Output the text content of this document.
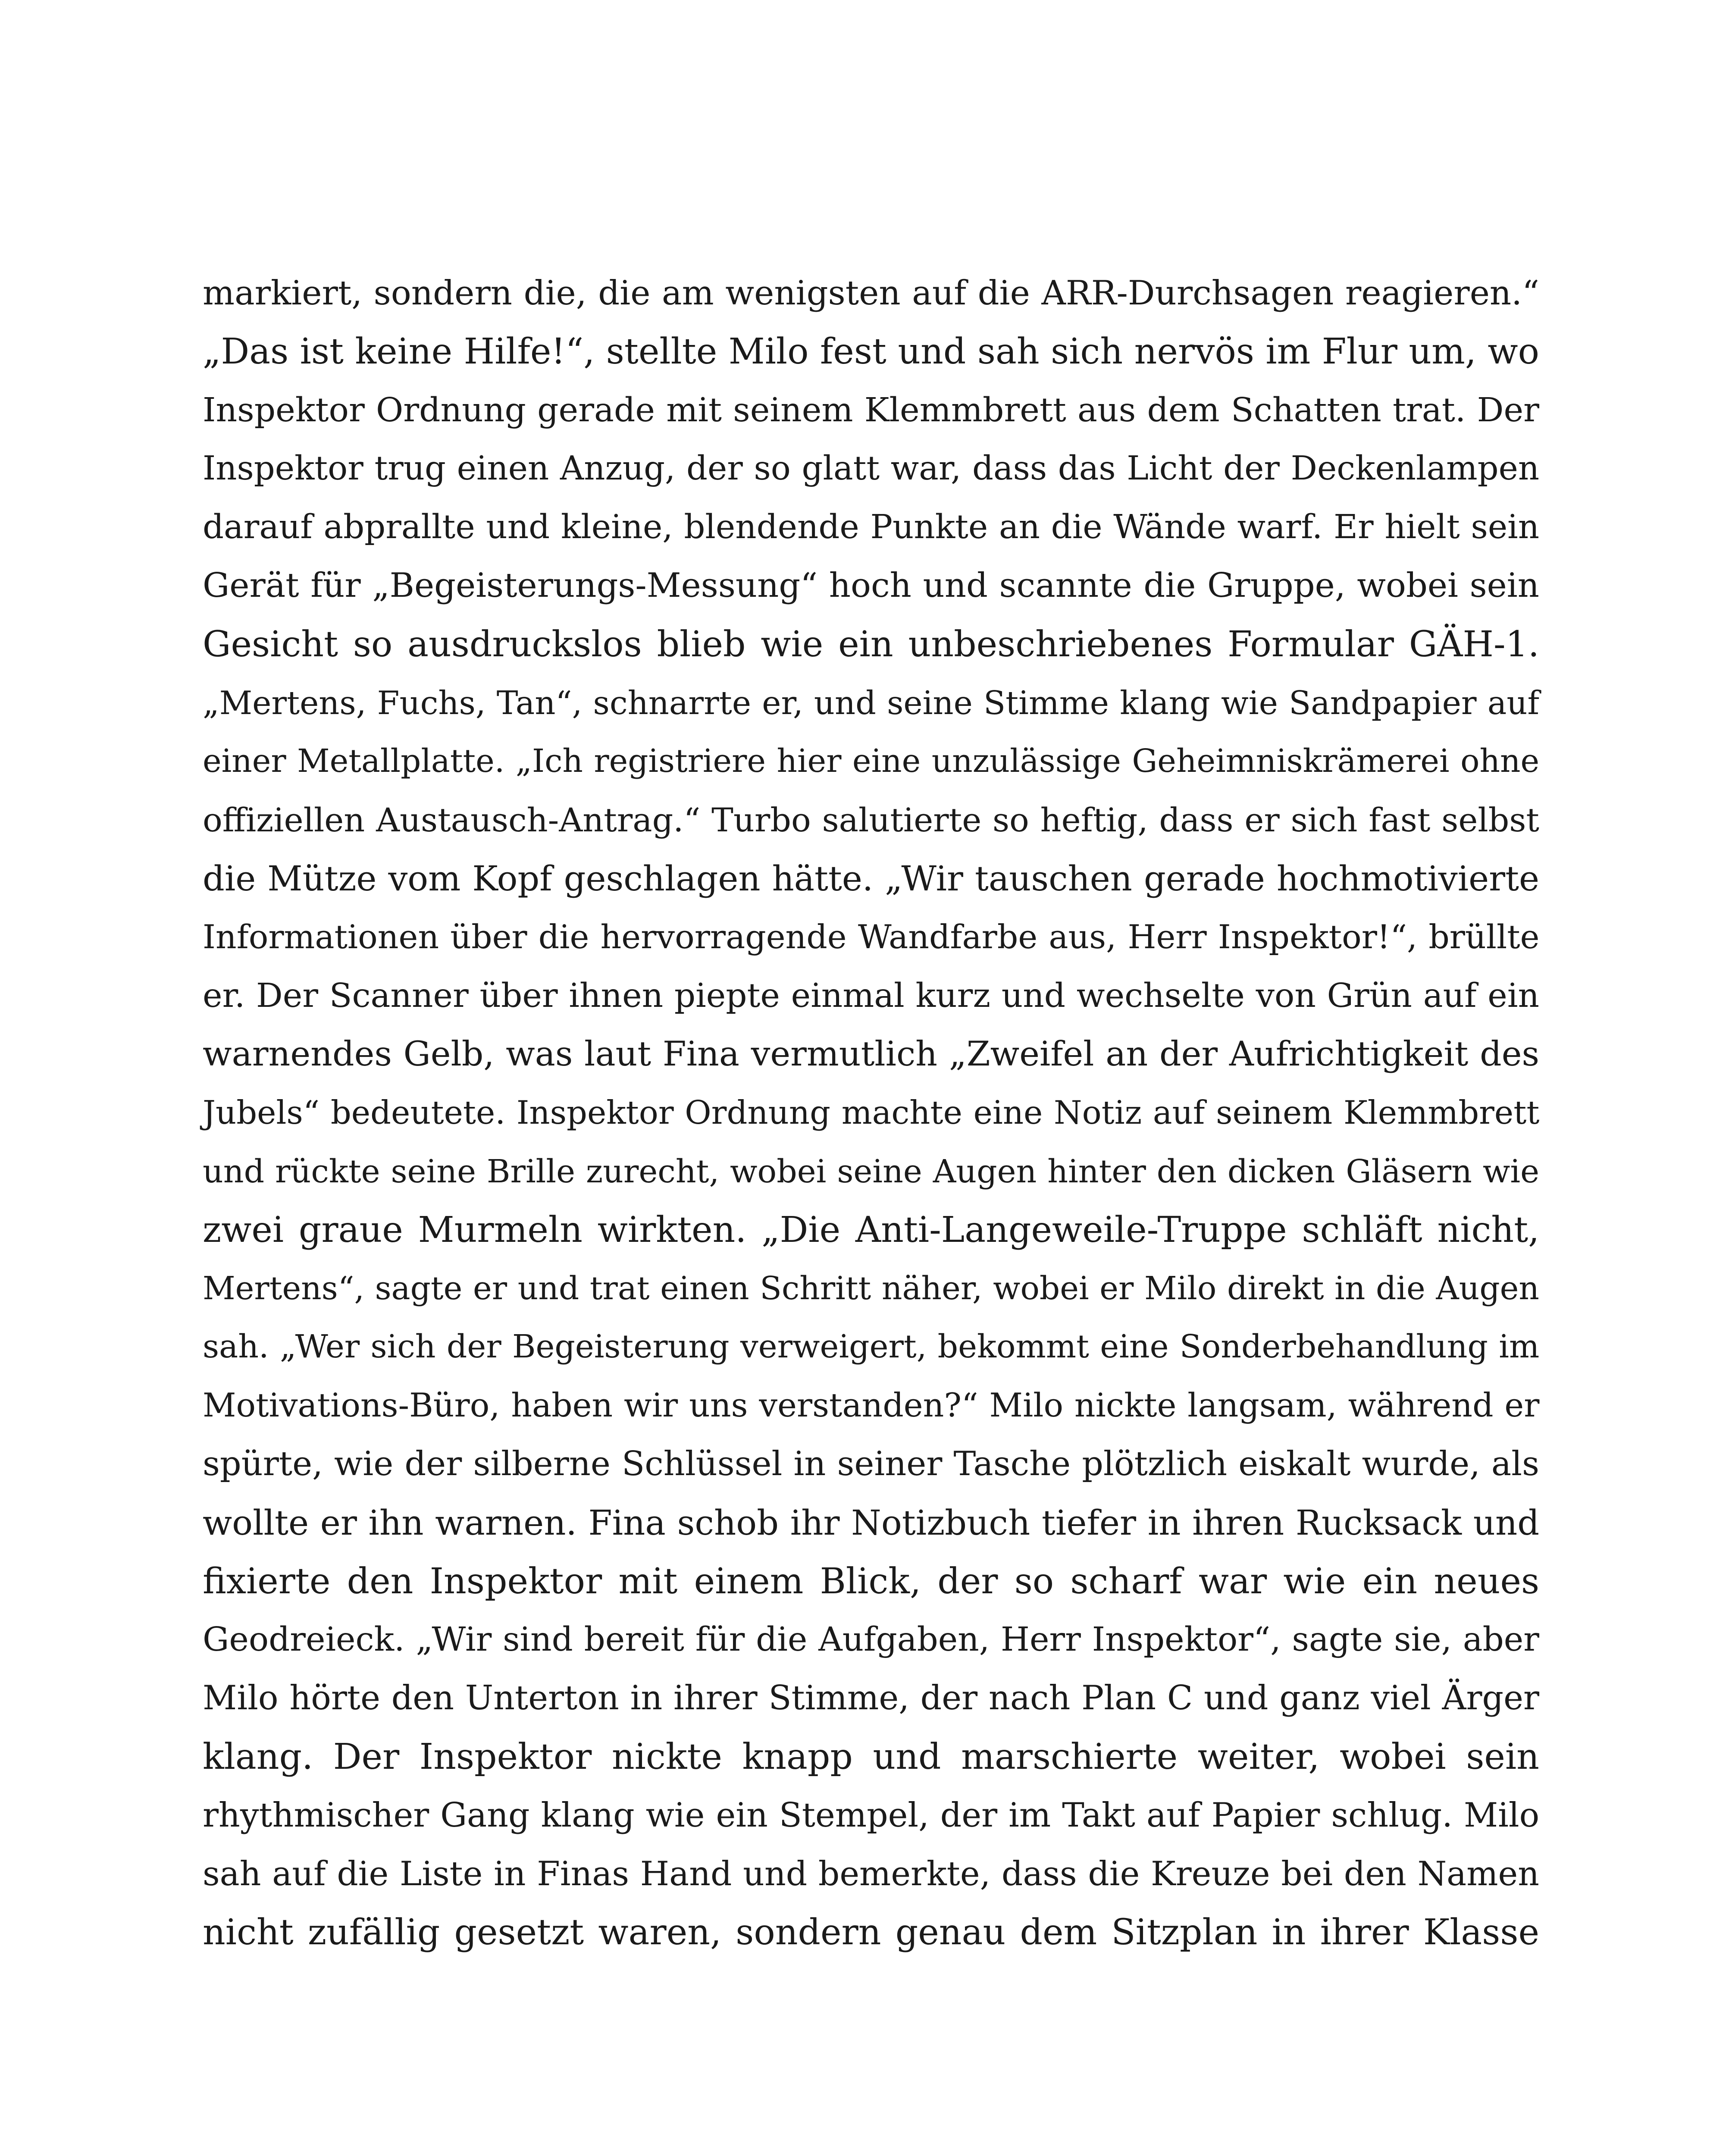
markiert, sondern die, die am wenigsten auf die ARR-Durchsagen reagieren.“
„Das ist keine Hilfe!“, stellte Milo fest und sah sich nervös im Flur um, wo
Inspektor Ordnung gerade mit seinem Klemmbrett aus dem Schatten trat. Der
Inspektor trug einen Anzug, der so glatt war, dass das Licht der Deckenlampen
darauf abprallte und kleine, blendende Punkte an die Wände warf. Er hielt sein
Gerät für „Begeisterungs-Messung“ hoch und scannte die Gruppe, wobei sein
Gesicht so ausdruckslos blieb wie ein unbeschriebenes Formular GÄH-1.
„Mertens, Fuchs, Tan“, schnarrte er, und seine Stimme klang wie Sandpapier auf
einer Metallplatte. „Ich registriere hier eine unzulässige Geheimniskrämerei ohne
offiziellen Austausch-Antrag.“ Turbo salutierte so heftig, dass er sich fast selbst
die Mütze vom Kopf geschlagen hätte. „Wir tauschen gerade hochmotivierte
Informationen über die hervorragende Wandfarbe aus, Herr Inspektor!“, brüllte
er. Der Scanner über ihnen piepte einmal kurz und wechselte von Grün auf ein
warnendes Gelb, was laut Fina vermutlich „Zweifel an der Aufrichtigkeit des
Jubels“ bedeutete. Inspektor Ordnung machte eine Notiz auf seinem Klemmbrett
und rückte seine Brille zurecht, wobei seine Augen hinter den dicken Gläsern wie
zwei graue Murmeln wirkten. „Die Anti-Langeweile-Truppe schläft nicht,
Mertens“, sagte er und trat einen Schritt näher, wobei er Milo direkt in die Augen
sah. „Wer sich der Begeisterung verweigert, bekommt eine Sonderbehandlung im
Motivations-Büro, haben wir uns verstanden?“ Milo nickte langsam, während er
spürte, wie der silberne Schlüssel in seiner Tasche plötzlich eiskalt wurde, als
wollte er ihn warnen. Fina schob ihr Notizbuch tiefer in ihren Rucksack und
fixierte den Inspektor mit einem Blick, der so scharf war wie ein neues
Geodreieck. „Wir sind bereit für die Aufgaben, Herr Inspektor“, sagte sie, aber
Milo hörte den Unterton in ihrer Stimme, der nach Plan C und ganz viel Ärger
klang. Der Inspektor nickte knapp und marschierte weiter, wobei sein
rhythmischer Gang klang wie ein Stempel, der im Takt auf Papier schlug. Milo
sah auf die Liste in Finas Hand und bemerkte, dass die Kreuze bei den Namen
nicht zufällig gesetzt waren, sondern genau dem Sitzplan in ihrer Klasse
